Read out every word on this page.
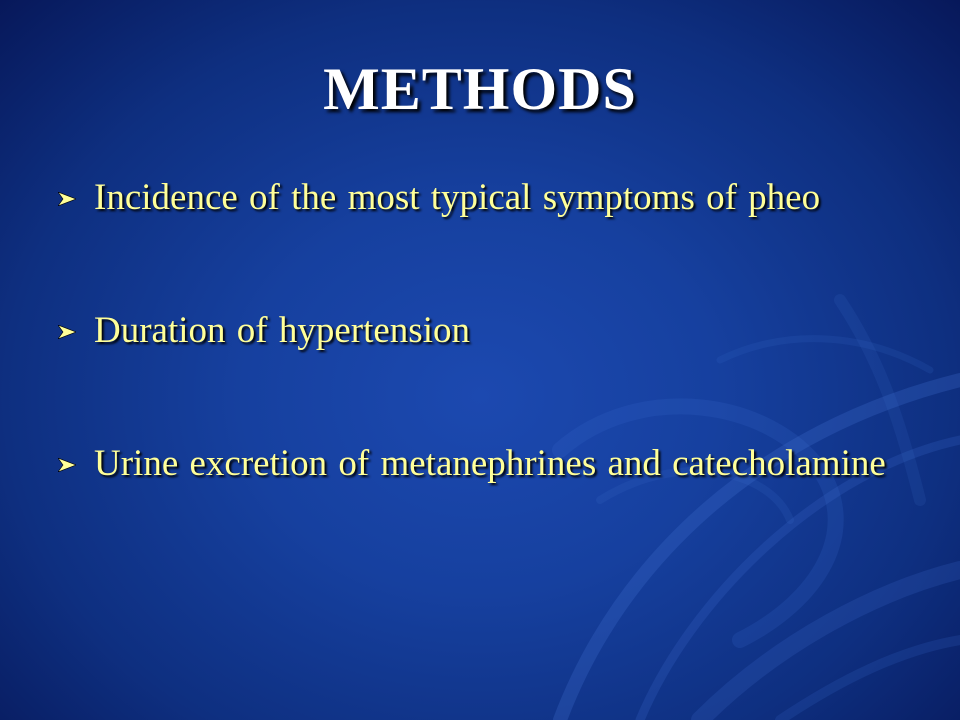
METHODS
Incidence of the most typical symptoms of pheo
Duration of hypertension
Urine excretion of metanephrines and catecholamine
